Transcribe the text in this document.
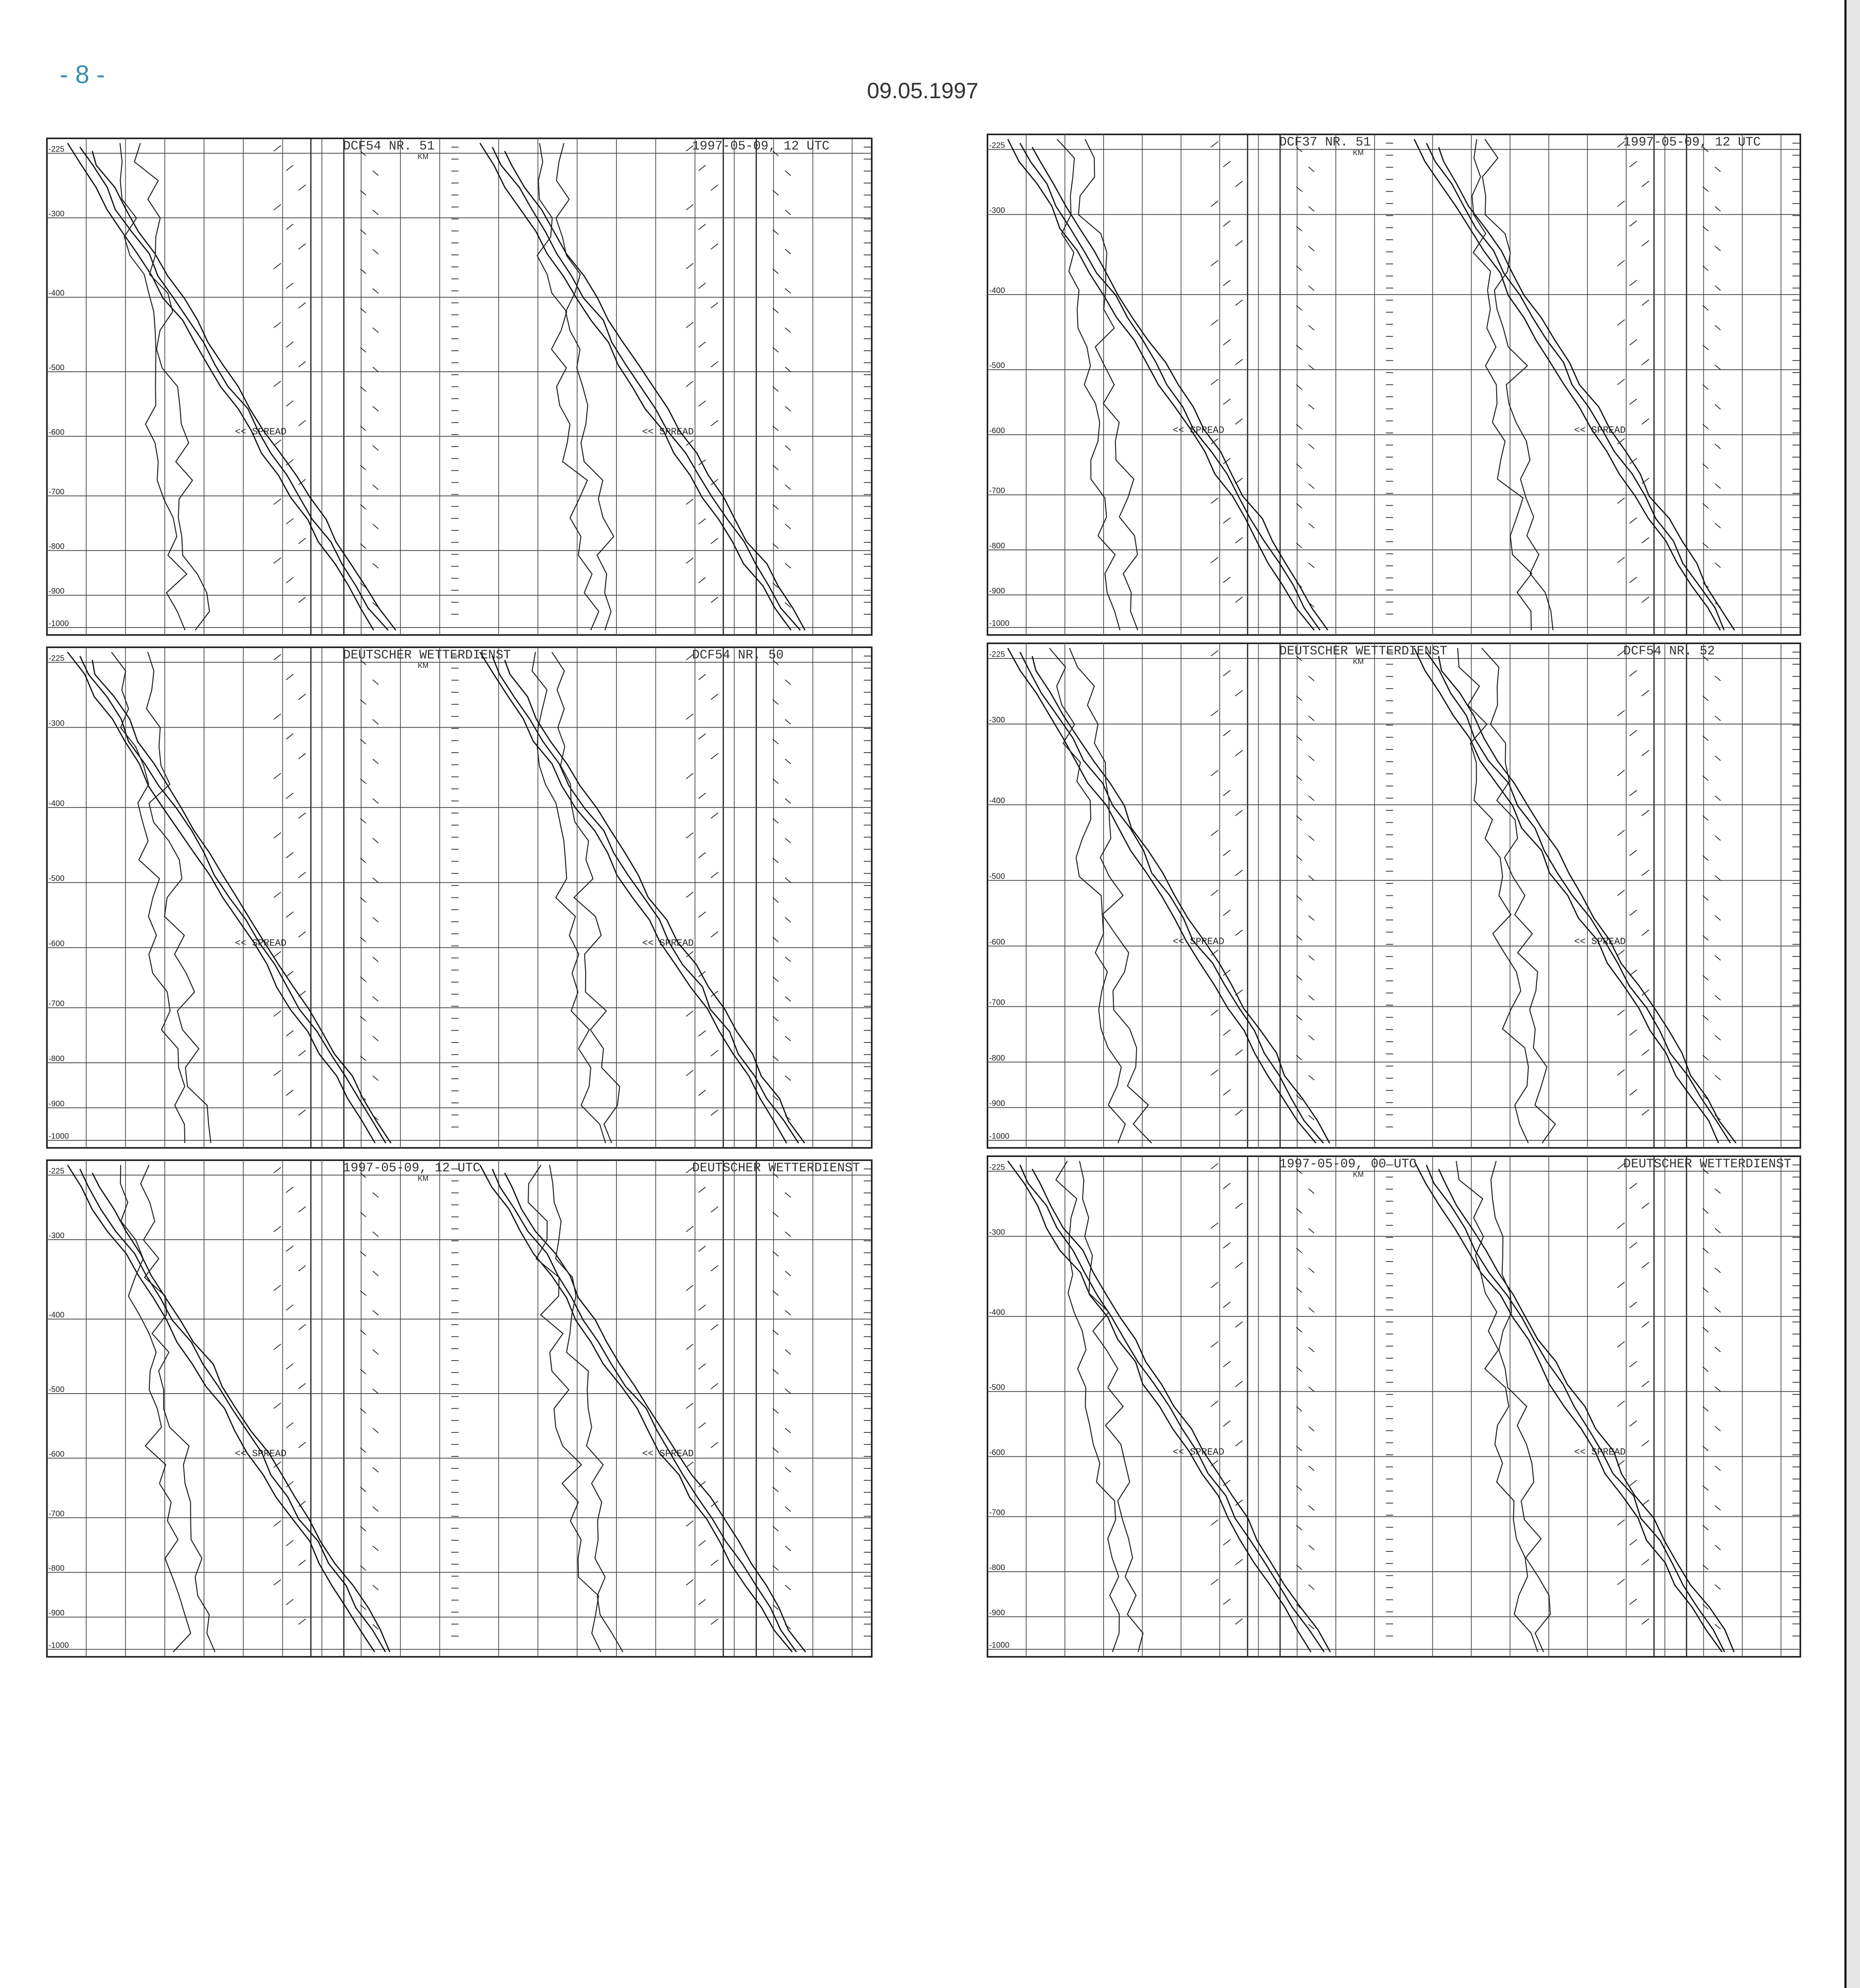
- 8 -
09.05.1997
-225
-300
-400
-500
-600
-700
-800
-900
-1000
DCF54 NR. 51	1997-05-09, 12 UTC
<< SPREAD	<< SPREAD
KM
-225
-300
-400
-500
-600
-700
-800
-900
-1000
DCF37 NR. 51	1997-05-09, 12 UTC
<< SPREAD	<< SPREAD
KM
-225
-300
-400
-500
-600
-700
-800
-900
-1000
DEUTSCHER WETTERDIENST	DCF54 NR. 50
<< SPREAD	<< SPREAD
KM
-225
-300
-400
-500
-600
-700
-800
-900
-1000
DEUTSCHER WETTERDIENST	DCF54 NR. 52
<< SPREAD	<< SPREAD
KM
-225
-300
-400
-500
-600
-700
-800
-900
-1000
1997-05-09, 12 UTC	DEUTSCHER WETTERDIENST
<< SPREAD	<< SPREAD
KM
-225
-300
-400
-500
-600
-700
-800
-900
-1000
1997-05-09, 00 UTC	DEUTSCHER WETTERDIENST
<< SPREAD	<< SPREAD
KM
